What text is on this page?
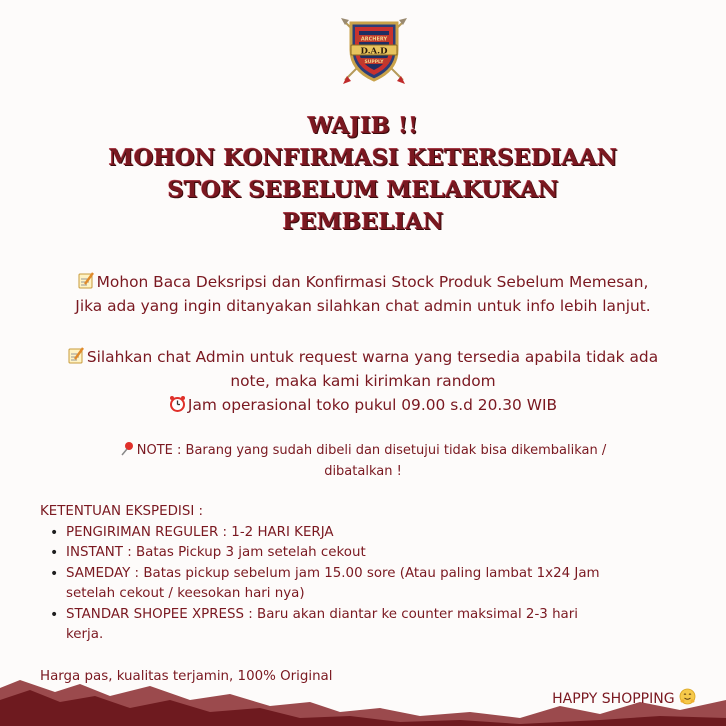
ARCHERY
D.A.D
SUPPLY
WAJIB !!
MOHON KONFIRMASI KETERSEDIAAN
STOK SEBELUM MELAKUKAN
PEMBELIAN
Mohon Baca Deksripsi dan Konfirmasi Stock Produk Sebelum Memesan,
Jika ada yang ingin ditanyakan silahkan chat admin untuk info lebih lanjut.
Silahkan chat Admin untuk request warna yang tersedia apabila tidak ada
note, maka kami kirimkan random
Jam operasional toko pukul 09.00 s.d 20.30 WIB
NOTE : Barang yang sudah dibeli dan disetujui tidak bisa dikembalikan /
dibatalkan !
KETENTUAN EKSPEDISI :
• PENGIRIMAN REGULER : 1-2 HARI KERJA
• INSTANT : Batas Pickup 3 jam setelah cekout
• SAMEDAY : Batas pickup sebelum jam 15.00 sore (Atau paling lambat 1x24 Jam
setelah cekout / keesokan hari nya)
• STANDAR SHOPEE XPRESS : Baru akan diantar ke counter maksimal 2-3 hari
kerja.
Harga pas, kualitas terjamin, 100% Original
HAPPY SHOPPING
